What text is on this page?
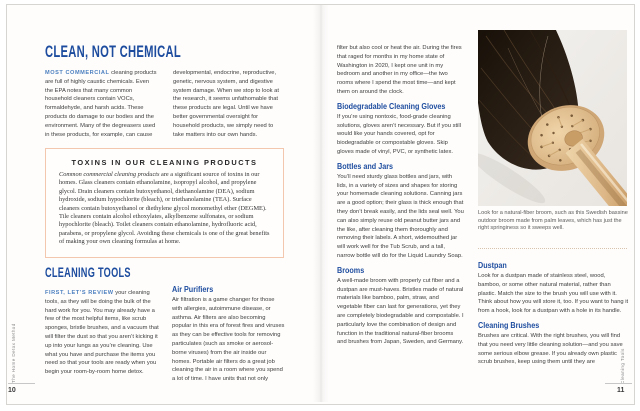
CLEAN, NOT CHEMICAL
MOST COMMERCIAL cleaning products are full of highly caustic chemicals. Even the EPA notes that many common household cleaners contain VOCs, formaldehyde, and harsh acids. These products do damage to our bodies and the environment. Many of the degreasers used in these products, for example, can cause developmental, endocrine, reproductive, genetic, nervous system, and digestive system damage. When we stop to look at the research, it seems unfathomable that these products are legal. Until we have better governmental oversight for household products, we simply need to take matters into our own hands.
TOXINS IN OUR CLEANING PRODUCTS
Common commercial cleaning products are a significant source of toxins in our homes. Glass cleaners contain ethanolamine, isopropyl alcohol, and propylene glycol. Drain cleaners contain butoxyethanol, diethanolamine (DEA), sodium hydroxide, sodium hypochlorite (bleach), or triethanolamine (TEA). Surface cleaners contain butoxyethanol or diethylene glycol monomethyl ether (DEGME). Tile cleaners contain alcohol ethoxylates, alkylbenzene sulfonates, or sodium hypochlorite (bleach). Toilet cleaners contain ethanolamine, hydrofluoric acid, parabens, or propylene glycol. Avoiding these chemicals is one of the great benefits of making your own cleaning formulas at home.
CLEANING TOOLS
FIRST, LET’S REVIEW your cleaning tools, as they will be doing the bulk of the hard work for you. You may already have a few of the most helpful items, like scrub sponges, bristle brushes, and a vacuum that will filter the dust so that you aren’t kicking it up into your lungs as you’re cleaning. Use what you have and purchase the items you need so that your tools are ready when you begin your room-by-room home detox.
Air Purifiers

Air filtration is a game changer for those with allergies, autoimmune disease, or asthma. Air filters are also becoming popular in this era of forest fires and viruses as they can be effective tools for removing particulates (such as smoke or aerosol-borne viruses) from the air inside our homes. Portable air filters do a great job cleaning the air in a room where you spend a lot of time. I have units that not only

The Home Detox Method
10

filter but also cool or heat the air. During the fires that raged for months in my home state of Washington in 2020, I kept one unit in my bedroom and another in my office—the two rooms where I spend the most time—and kept them on around the clock.

Biodegradable Cleaning Gloves

If you’re using nontoxic, food-grade cleaning solutions, gloves aren’t necessary. But if you still would like your hands covered, opt for biodegradable or compostable gloves. Skip gloves made of vinyl, PVC, or synthetic latex.

Bottles and Jars

You’ll need sturdy glass bottles and jars, with lids, in a variety of sizes and shapes for storing your homemade cleaning solutions. Canning jars are a good option; their glass is thick enough that they don’t break easily, and the lids seal well. You can also simply reuse old peanut butter jars and the like, after cleaning them thoroughly and removing their labels. A short, widemouthed jar will work well for the Tub Scrub, and a tall, narrow bottle will do for the Liquid Laundry Soap.

Brooms

A well-made broom with properly cut fiber and a dustpan are must-haves. Bristles made of natural materials like bamboo, palm, straw, and vegetable fiber can last for generations, yet they are completely biodegradable and compostable. I particularly love the combination of design and function in the traditional natural-fiber brooms and brushes from Japan, Sweden, and Germany.

Look for a natural-fiber broom, such as this Swedish bassine outdoor broom made from palm leaves, which has just the right springiness so it sweeps well.
Dustpan

Look for a dustpan made of stainless steel, wood, bamboo, or some other natural material, rather than plastic. Match the size to the brush you will use with it. Think about how you will store it, too. If you want to hang it from a hook, look for a dustpan with a hole in its handle.

Cleaning Brushes

Brushes are critical. With the right brushes, you will find that you need very little cleaning solution—and you save some serious elbow grease. If you already own plastic scrub brushes, keep using them until they are	Cleaning Tools
11
